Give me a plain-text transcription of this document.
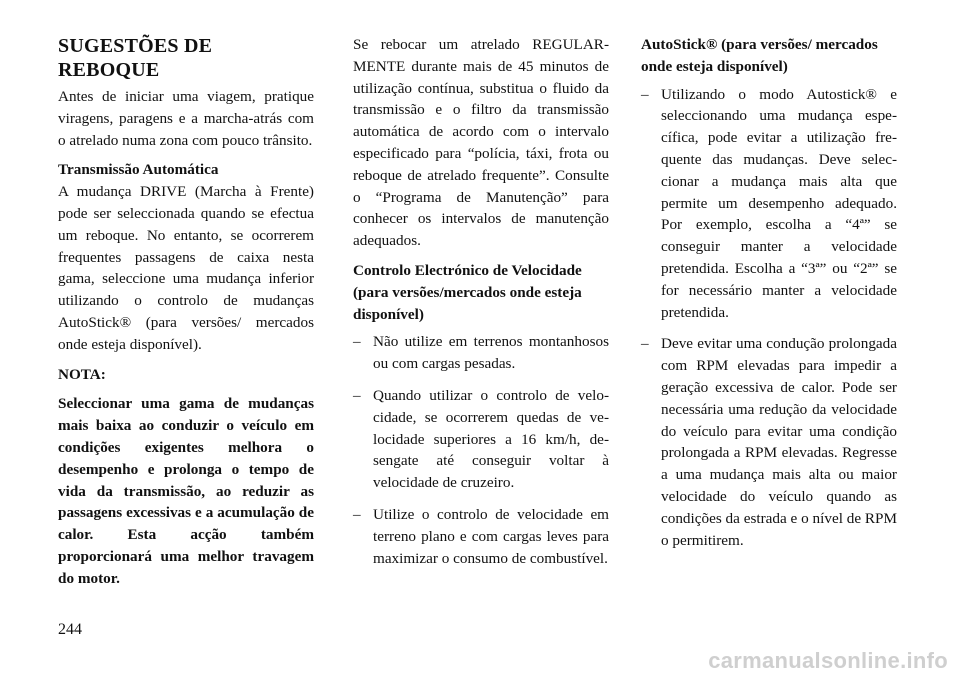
SUGESTÕES DE REBOQUE

Antes de iniciar uma viagem, pratique viragens, paragens e a marcha-atrás com o atrelado numa zona com pouco trânsito.

Transmissão Automática

A mudança DRIVE (Marcha à Frente) pode ser seleccionada quando se efectua um reboque. No entanto, se ocorrerem frequentes passagens de caixa nesta gama, seleccione uma mudança inferior utilizando o controlo de mudanças AutoStick® (para versões/ mercados onde esteja disponível).

NOTA:

Seleccionar uma gama de mudanças mais baixa ao conduzir o veículo em condições exigentes melhora o desempenho e prolonga o tempo de vida da transmissão, ao reduzir as passagens excessivas e a acumulação de calor. Esta acção também proporcionará uma melhor travagem do motor.

Se rebocar um atrelado REGULARMENTE durante mais de 45 minutos de utilização contínua, substitua o fluido da transmissão e o filtro da transmissão automática de acordo com o intervalo especificado para “polícia, táxi, frota ou reboque de atrelado frequente”. Consulte o “Programa de Manutenção” para conhecer os intervalos de manutenção adequados.

Controlo Electrónico de Velocidade (para versões/mercados onde esteja disponível)

– Não utilize em terrenos montanhosos ou com cargas pesadas.
– Quando utilizar o controlo de velocidade, se ocorrerem quedas de velocidade superiores a 16 km/h, desengate até conseguir voltar à velocidade de cruzeiro.
– Utilize o controlo de velocidade em terreno plano e com cargas leves para maximizar o consumo de combustível.

AutoStick® (para versões/ mercados onde esteja disponível)

– Utilizando o modo Autostick® e seleccionando uma mudança específica, pode evitar a utilização frequente das mudanças. Deve seleccionar a mudança mais alta que permite um desempenho adequado. Por exemplo, escolha a “4ª” se conseguir manter a velocidade pretendida. Escolha a “3ª” ou “2ª” se for necessário manter a velocidade pretendida.
– Deve evitar uma condução prolongada com RPM elevadas para impedir a geração excessiva de calor. Pode ser necessária uma redução da velocidade do veículo para evitar uma condição prolongada a RPM elevadas. Regresse a uma mudança mais alta ou maior velocidade do veículo quando as condições da estrada e o nível de RPM o permitirem.
244
carmanualsonline.info
